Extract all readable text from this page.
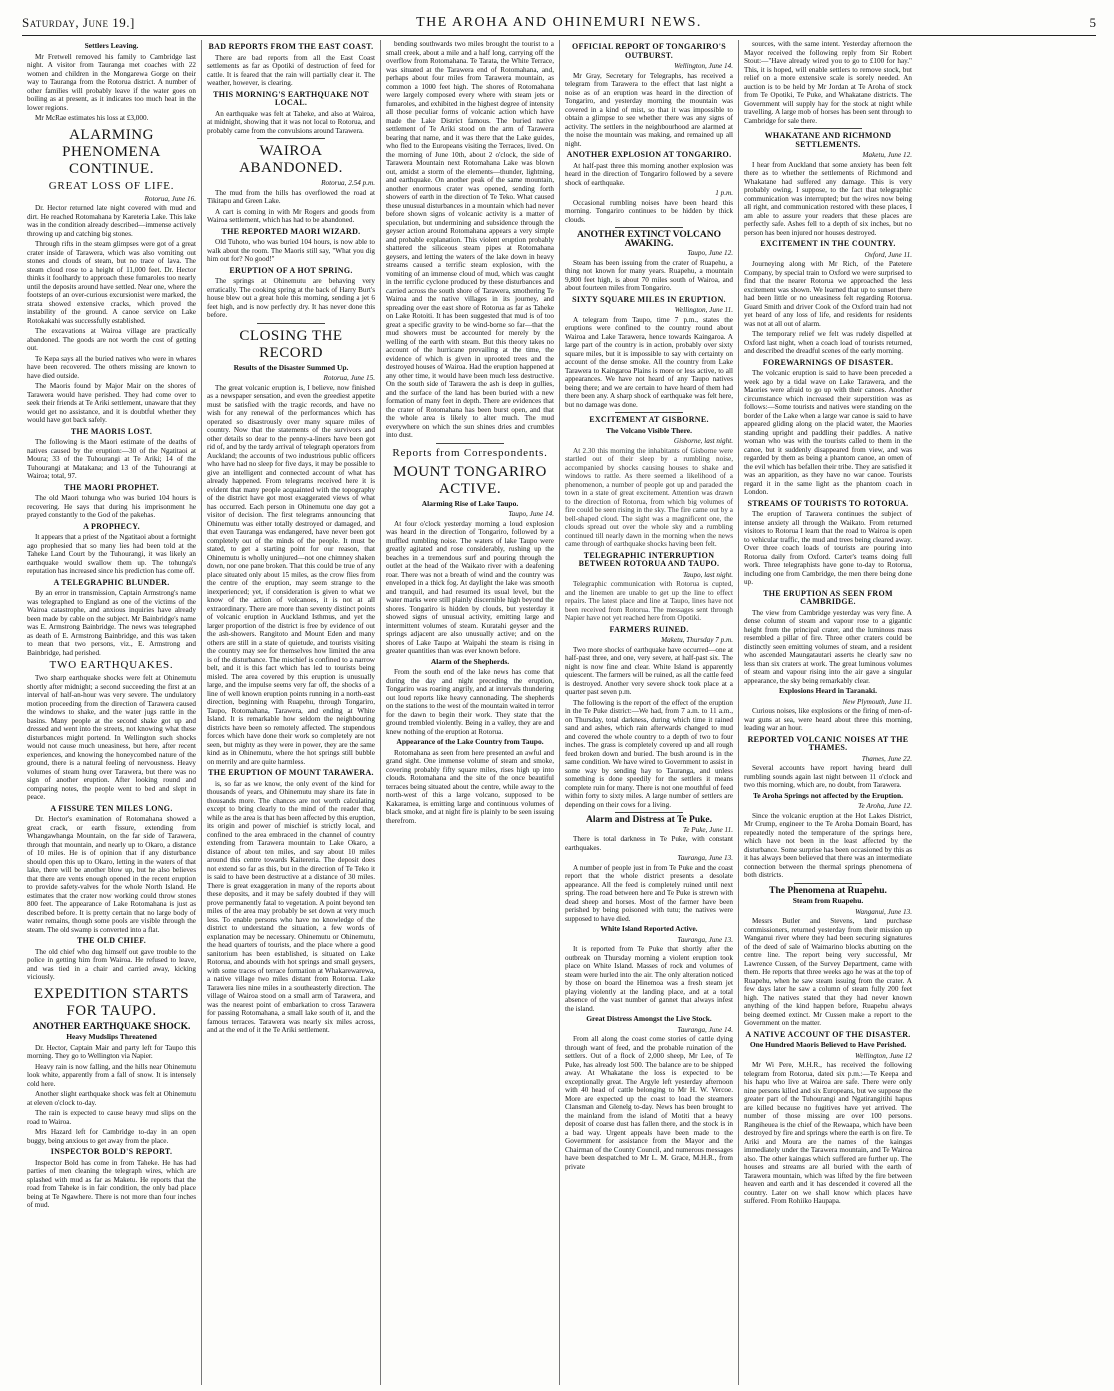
Saturday, June 19.]	THE AROHA AND OHINEMURI NEWS.	5
Settlers Leaving.

Mr Fretwell removed his family to Cambridge last night. A visitor from Tauranga met coaches with 22 women and children in the Mongarewa Gorge on their way to Tauranga from the Rotorua district. A number of other families will probably leave if the water goes on boiling as at present, as it indicates too much heat in the lower regions.

Mr McRae estimates his loss at £3,000.

ALARMING PHENOMENA CONTINUE.
GREAT LOSS OF LIFE.
Rotorua, June 16.

Dr. Hector returned late night covered with mud and dirt. He reached Rotomahana by Kareteria Lake. This lake was in the condition already described—immense actively throwing up and catching big stones.

Through rifts in the steam glimpses were got of a great crater inside of Tarawera, which was also vomiting out stones and clouds of steam, but no trace of lava. The steam cloud rose to a height of 11,000 feet. Dr. Hector thinks it foolhardy to approach these fumaroles too nearly until the deposits around have settled. Near one, where the footsteps of an over-curious excursionist were marked, the strata showed extensive cracks, which proved the instability of the ground. A canoe service on Lake Rotokakahi was successfully established.

The excavations at Wairoa village are practically abandoned. The goods are not worth the cost of getting out.

Te Kepa says all the buried natives who were in whares have been recovered. The others missing are known to have died outside.

The Maoris found by Major Mair on the shores of Tarawera would have perished. They had come over to seek their friends at Te Ariki settlement, unaware that they would get no assistance, and it is doubtful whether they would have got back safely.

THE MAORIS LOST.

The following is the Maori estimate of the deaths of natives caused by the eruption:—30 of the Ngatitaoi at Moura; 33 of the Tuhourangi at Te Ariki; 14 of the Tuhourangi at Matakana; and 13 of the Tuhourangi at Wairoa; total, 97.

THE MAORI PROPHET.

The old Maori tohunga who was buried 104 hours is recovering. He says that during his imprisonment he prayed constantly to the God of the pakehas.

A PROPHECY.

It appears that a priest of the Ngatitaoi about a fortnight ago prophesied that so many lies had been told at the Taheke Land Court by the Tuhourangi, it was likely an earthquake would swallow them up. The tohunga's reputation has increased since his prediction has come off.

A TELEGRAPHIC BLUNDER.

By an error in transmission, Captain Armstrong's name was telegraphed to England as one of the victims of the Wairoa catastrophe, and anxious inquiries have already been made by cable on the subject. Mr Bainbridge's name was E. Armstrong Bainbridge. The news was telegraphed as death of E. Armstrong Bainbridge, and this was taken to mean that two persons, viz., E. Armstrong and Bainbridge, had perished.

TWO EARTHQUAKES.

Two sharp earthquake shocks were felt at Ohinemutu shortly after midnight; a second succeeding the first at an interval of half-an-hour was very severe. The undulatory motion proceeding from the direction of Tarawera caused the windows to shake, and the water jugs rattle in the basins. Many people at the second shake got up and dressed and went into the streets, not knowing what these disturbances might portend. In Wellington such shocks would not cause much uneasiness, but here, after recent experiences, and knowing the honeycombed nature of the ground, there is a natural feeling of nervousness. Heavy volumes of steam hung over Tarawera, but there was no sign of another eruption. After looking round and comparing notes, the people went to bed and slept in peace.

A FISSURE TEN MILES LONG.

Dr. Hector's examination of Rotomahana showed a great crack, or earth fissure, extending from Whangawhanga Mountain, on the far side of Tarawera, through that mountain, and nearly up to Okaro, a distance of 10 miles. He is of opinion that if any disturbance should open this up to Okaro, letting in the waters of that lake, there will be another blow up, but he also believes that there are vents enough opened in the recent eruption to provide safety-valves for the whole North Island. He estimates that the crater now working could throw stones 800 feet. The appearance of Lake Rotomahana is just as described before. It is pretty certain that no large body of water remains, though some pools are visible through the steam. The old swamp is converted into a flat.

THE OLD CHIEF.

The old chief who dug himself out gave trouble to the police in getting him from Wairoa. He refused to leave, and was tied in a chair and carried away, kicking viciously.

EXPEDITION STARTS FOR TAUPO.
ANOTHER EARTHQUAKE SHOCK.
Heavy Mudslips Threatened

Dr. Hector, Captain Mair and party left for Taupo this morning. They go to Wellington via Napier.

Heavy rain is now falling, and the hills near Ohinemutu look white, apparently from a fall of snow. It is intensely cold here.

Another slight earthquake shock was felt at Ohinemutu at eleven o'clock to-day.

The rain is expected to cause heavy mud slips on the road to Wairoa.

Mrs Hazard left for Cambridge to-day in an open buggy, being anxious to get away from the place.

INSPECTOR BOLD'S REPORT.

Inspector Bold has come in from Taheke. He has had parties of men cleaning the telegraph wires, which are splashed with mud as far as Maketu. He reports that the road from Taheke is in fair condition, the only bad place being at Te Ngawhere. There is not more than four inches of mud.

BAD REPORTS FROM THE EAST COAST.

There are bad reports from all the East Coast settlements as far as Opotiki of destruction of feed for cattle. It is feared that the rain will partially clear it. The weather, however, is clearing.

THIS MORNING'S EARTHQUAKE NOT LOCAL.

An earthquake was felt at Taheke, and also at Wairoa, at midnight, showing that it was not local to Rotorua, and probably came from the convulsions around Tarawera.

WAIROA ABANDONED.
Rotorua, 2.54 p.m.

The mud from the hills has overflowed the road at Tikitapu and Green Lake.

A cart is coming in with Mr Rogers and goods from Wairoa settlement, which has had to be abandoned.

THE REPORTED MAORI WIZARD.

Old Tuhoto, who was buried 104 hours, is now able to walk about the room. The Maoris still say, "What you dig him out for? No good!"

ERUPTION OF A HOT SPRING.

The springs at Ohinemutu are behaving very erratically. The cooking spring at the back of Harry Burt's house blew out a great hole this morning, sending a jet 6 feet high, and is now perfectly dry. It has never done this before.

CLOSING THE RECORD
Results of the Disaster Summed Up.
Rotorua, June 15.

The great volcanic eruption is, I believe, now finished as a newspaper sensation, and even the greediest appetite must be satisfied with the tragic records, and have no wish for any renewal of the performances which has operated so disastrously over many square miles of country. Now that the statements of the survivors and other details so dear to the penny-a-liners have been got rid of, and by the tardy arrival of telegraph operators from Auckland; the accounts of two industrious public officers who have had no sleep for five days, it may be possible to give an intelligent and connected account of what has already happened. From telegrams received here it is evident that many people acquainted with the topography of the district have got most exaggerated views of what has occurred. Each person in Ohinemutu one day got a visitor of decision. The first telegrams announcing that Ohinemutu was either totally destroyed or damaged, and that even Tauranga was endangered, have never been got completely out of the minds of the people. It must be stated, to get a starting point for our reason, that Ohinemutu is wholly uninjured—not one chimney shaken down, nor one pane broken. That this could be true of any place situated only about 15 miles, as the crow flies from the centre of the eruption, may seem strange to the inexperienced; yet, if consideration is given to what we know of the action of volcanoes, it is not at all extraordinary. There are more than seventy distinct points of volcanic eruption in Auckland Isthmus, and yet the larger proportion of the district is free by evidence of out the ash-showers. Rangitoto and Mount Eden and many others are still in a state of quietude, and tourists visiting the country may see for themselves how limited the area is of the disturbance. The mischief is confined to a narrow belt, and it is this fact which has led to tourists being misled. The area covered by this eruption is unusually large, and the impulse seems very far off, the shocks of a line of well known eruption points running in a north-east direction, beginning with Ruapehu, through Tongariro, Taupo, Rotomahana, Tarawera, and ending at White Island. It is remarkable how seldom the neighbouring districts have been so remotely affected. The stupendous forces which have done their work so completely are not seen, but mighty as they were in power, they are the same kind as in Ohinemutu, where the hot springs still bubble on merrily and are quite harmless.

THE ERUPTION OF MOUNT TARAWERA.

is, so far as we know, the only event of the kind for thousands of years, and Ohinemutu may share its fate in thousands more. The chances are not worth calculating except to bring clearly to the mind of the reader that, while as the area is that has been affected by this eruption, its origin and power of mischief is strictly local, and confined to the area embraced in the channel of country extending from Tarawera mountain to Lake Okaro, a distance of about ten miles, and say about 10 miles around this centre towards Kaitereria. The deposit does not extend so far as this, but in the direction of Te Teko it is said to have been destructive at a distance of 30 miles. There is great exaggeration in many of the reports about these deposits, and it may be safely doubted if they will prove permanently fatal to vegetation. A point beyond ten miles of the area may probably be set down at very much less. To enable persons who have no knowledge of the district to understand the situation, a few words of explanation may be necessary. Ohinemutu or Ohinemutu, the head quarters of tourists, and the place where a good sanitorium has been established, is situated on Lake Rotorua, and abounds with hot springs and small geysers, with some traces of terrace formation at Whakarewarewa, a native village two miles distant from Rotorua. Lake Tarawera lies nine miles in a southeasterly direction. The village of Wairoa stood on a small arm of Tarawera, and was the nearest point of embarkation to cross Tarawera for passing Rotomahana, a small lake south of it, and the famous terraces. Tarawera was nearly six miles across, and at the end of it the Te Ariki settlement.

bending southwards two miles brought the tourist to a small creek, about a mile and a half long, carrying off the overflow from Rotomahana. Te Tarata, the White Terrace, was situated at the Tarawera end of Rotomahana, and, perhaps about four miles from Tarawera mountain, as common a 1000 feet high. The shores of Rotomahana were largely composed every where with steam jets or fumaroles, and exhibited in the highest degree of intensity all those peculiar forms of volcanic action which have made the Lake District famous. The buried native settlement of Te Ariki stood on the arm of Tarawera bearing that name, and it was there that the Lake guides, who fled to the Europeans visiting the Terraces, lived. On the morning of June 10th, about 2 o'clock, the side of Tarawera Mountain next Rotomahana Lake was blown out, amidst a storm of the elements—thunder, lightning, and earthquake. On another peak of the same mountain, another enormous crater was opened, sending forth showers of earth in the direction of Te Teko. What caused these unusual disturbances in a mountain which had never before shown signs of volcanic activity is a matter of speculation, but undermining and subsidence through the geyser action around Rotomahana appears a very simple and probable explanation. This violent eruption probably shattered the siliceous steam pipes at Rotomahana geysers, and letting the waters of the lake down in heavy streams caused a terrific steam explosion, with the vomiting of an immense cloud of mud, which was caught in the terrific cyclone produced by these disturbances and carried across the south shore of Tarawera, smothering Te Wairoa and the native villages in its journey, and spreading over the east shore of Rotorua as far as Taheke on Lake Rotoiti. It has been suggested that mud is of too great a specific gravity to be wind-borne so far—that the mud showers must be accounted for merely by the welling of the earth with steam. But this theory takes no account of the hurricane prevailing at the time, the evidence of which is given in uprooted trees and the destroyed houses of Wairoa. Had the eruption happened at any other time, it would have been much less destructive. On the south side of Tarawera the ash is deep in gullies, and the surface of the land has been buried with a new formation of many feet in depth. There are evidences that the crater of Rotomahana has been burst open, and that the whole area is likely to alter much. The mud everywhere on which the sun shines dries and crumbles into dust.

Reports from Correspondents.
MOUNT TONGARIRO ACTIVE.
Alarming Rise of Lake Taupo.
Taupo, June 14.

At four o'clock yesterday morning a loud explosion was heard in the direction of Tongariro, followed by a muffled rumbling noise. The waters of lake Taupo were greatly agitated and rose considerably, rushing up the beaches in a tremendous surf and pouring through the outlet at the head of the Waikato river with a deafening roar. There was not a breath of wind and the country was enveloped in a thick fog. At daylight the lake was smooth and tranquil, and had resumed its usual level, but the water marks were still plainly discernible high beyond the shores. Tongariro is hidden by clouds, but yesterday it showed signs of unusual activity, emitting large and intermittent volumes of steam. Kuratahi geyser and the springs adjacent are also unusually active; and on the shores of Lake Taupo at Waipahi the steam is rising in greater quantities than was ever known before.

Alarm of the Shepherds.

From the south end of the lake news has come that during the day and night preceding the eruption, Tongariro was roaring angrily, and at intervals thundering out loud reports like heavy cannonading. The shepherds on the stations to the west of the mountain waited in terror for the dawn to begin their work. They state that the ground trembled violently. Being in a valley, they are and knew nothing of the eruption at Rotorua.

Appearance of the Lake Country from Taupo.

Rotomahana as seen from here presented an awful and grand sight. One immense volume of steam and smoke, covering probably fifty square miles, rises high up into clouds. Rotomahana and the site of the once beautiful terraces being situated about the centre, while away to the north-west of this a large volcano, supposed to be Kakaramea, is emitting large and continuous volumes of black smoke, and at night fire is plainly to be seen issuing therefrom.

OFFICIAL REPORT OF TONGARIRO'S OUTBURST.
Wellington, June 14.

Mr Gray, Secretary for Telegraphs, has received a telegram from Tarawera to the effect that last night a noise as of an eruption was heard in the direction of Tongariro, and yesterday morning the mountain was covered in a kind of mist, so that it was impossible to obtain a glimpse to see whether there was any signs of activity. The settlers in the neighbourhood are alarmed at the noise the mountain was making, and remained up all night.

ANOTHER EXPLOSION AT TONGARIRO.

At half-past three this morning another explosion was heard in the direction of Tongariro followed by a severe shock of earthquake.

1 p.m.

Occasional rumbling noises have been heard this morning. Tongariro continues to be hidden by thick clouds.

ANOTHER EXTINCT VOLCANO AWAKING.
Taupo, June 12.

Steam has been issuing from the crater of Ruapehu, a thing not known for many years. Ruapehu, a mountain 9,800 feet high, is about 70 miles south of Wairoa, and about fourteen miles from Tongariro.

SIXTY SQUARE MILES IN ERUPTION.
Wellington, June 11.

A telegram from Taupo, time 7 p.m., states the eruptions were confined to the country round about Wairoa and Lake Tarawera, hence towards Kaingaroa. A large part of the country is in action, probably over sixty square miles, but it is impossible to say with certainty on account of the dense smoke. All the country from Lake Tarawera to Kaingaroa Plains is more or less active, to all appearances. We have not heard of any Taupo natives being there; and we are certain to have heard of them had there been any. A sharp shock of earthquake was felt here, but no damage was done.

EXCITEMENT AT GISBORNE.
The Volcano Visible There.
Gisborne, last night.

At 2.30 this morning the inhabitants of Gisborne were startled out of their sleep by a rumbling noise, accompanied by shocks causing houses to shake and windows to rattle. As there seemed a likelihood of a phenomenon, a number of people got up and paraded the town in a state of great excitement. Attention was drawn to the direction of Rotorua, from which big volumes of fire could be seen rising in the sky. The fire came out by a bell-shaped cloud. The sight was a magnificent one, the clouds spread out over the whole sky and a rumbling continued till nearly dawn in the morning when the news came through of earthquake shocks having been felt.

TELEGRAPHIC INTERRUPTION BETWEEN ROTORUA AND TAUPO.
Taupo, last night.

Telegraphic communication with Rotorua is cupted, and the linemen are unable to get up the line to effect repairs. The latest place and line at Taupo, lines have not been received from Rotorua. The messages sent through Napier have not yet reached here from Opotiki.

FARMERS RUINED.
Maketu, Thursday 7 p.m.

Two more shocks of earthquake have occurred—one at half-past three, and one, very severe, at half-past six. The night is now fine and clear. White Island is apparently quiescent. The farmers will be ruined, as all the cattle feed is destroyed. Another very severe shock took place at a quarter past seven p.m.

The following is the report of the effect of the eruption in the Te Puke district:—We had, from 7 a.m. to 11 a.m., on Thursday, total darkness, during which time it rained sand and ashes, which rain afterwards changed to mud and covered the whole country to a depth of two to four inches. The grass is completely covered up and all rough feed broken down and buried. The bush around is in the same condition. We have wired to Government to assist in some way by sending hay to Tauranga, and unless something is done speedily for the settlers it means complete ruin for many. There is not one mouthful of feed within forty to sixty miles. A large number of settlers are depending on their cows for a living.

Alarm and Distress at Te Puke.
Te Puke, June 11.

There is total darkness in Te Puke, with constant earthquakes.

Tauranga, June 13.

A number of people just in from Te Puke and the coast report that the whole district presents a desolate appearance. All the feed is completely ruined until next spring. The road between here and Te Puke is strewn with dead sheep and horses. Most of the farmer have been perished by being poisoned with tutu; the natives were supposed to have died.

White Island Reported Active.
Tauranga, June 13.

It is reported from Te Puke that shortly after the outbreak on Thursday morning a violent eruption took place on White Island. Masses of rock and volumes of steam were hurled into the air. The only alteration noticed by those on board the Hinemoa was a fresh steam jet playing violently at the landing place, and at a total absence of the vast number of gannet that always infest the island.

Great Distress Amongst the Live Stock.
Tauranga, June 14.

From all along the coast come stories of cattle dying through want of feed, and the probable ruination of the settlers. Out of a flock of 2,000 sheep, Mr Lee, of Te Puke, has already lost 500. The balance are to be shipped away. At Whakatane the loss is expected to be exceptionally great. The Argyle left yesterday afternoon with 40 head of cattle belonging to Mr H. W. Vercoe. More are expected up the coast to load the steamers Clansman and Glenelg to-day. News has been brought to the mainland from the island of Motiti that a heavy deposit of coarse dust has fallen there, and the stock is in a bad way. Urgent appeals have been made to the Government for assistance from the Mayor and the Chairman of the County Council, and numerous messages have been despatched to Mr L. M. Grace, M.H.R., from private

sources, with the same intent. Yesterday afternoon the Mayor received the following reply from Sir Robert Stout:—"Have already wired you to go to £100 for hay." This, it is hoped, will enable settlers to remove stock, but relief on a more extensive scale is sorely needed. An auction is to be held by Mr Jordan at Te Aroha of stock from Te Opotiki, Te Puke, and Whakatane districts. The Government will supply hay for the stock at night while travelling. A large mob of horses has been sent through to Cambridge for sale there.

WHAKATANE AND RICHMOND SETTLEMENTS.
Maketu, June 12.

I hear from Auckland that some anxiety has been felt there as to whether the settlements of Richmond and Whakatane had suffered any damage. This is very probably owing, I suppose, to the fact that telegraphic communication was interrupted; but the wires now being all right, and communication restored with these places, I am able to assure your readers that these places are perfectly safe. Ashes fell to a depth of six inches, but no person has been injured nor houses destroyed.

EXCITEMENT IN THE COUNTRY.
Oxford, June 11.

Journeying along with Mr Rich, of the Patetere Company, by special train to Oxford we were surprised to find that the nearer Rotorua we approached the less excitement was shown. We learned that up to sunset there had been little or no uneasiness felt regarding Rotorua. Guard Smith and driver Cook of the Oxford train had not yet heard of any loss of life, and residents for residents was not at all out of alarm.

The temporary relief we felt was rudely dispelled at Oxford last night, when a coach load of tourists returned, and described the dreadful scenes of the early morning.

FOREWARNINGS OF DISASTER.

The volcanic eruption is said to have been preceded a week ago by a tidal wave on Lake Tarawera, and the Maories were afraid to go up with their canoes. Another circumstance which increased their superstition was as follows:—Some tourists and natives were standing on the border of the Lake when a large war canoe is said to have appeared gliding along on the placid water, the Maories standing upright and paddling their paddles. A native woman who was with the tourists called to them in the canoe, but it suddenly disappeared from view, and was regarded by them as being a phantom canoe, an omen of the evil which has befallen their tribe. They are satisfied it was an apparition, as they have no war canoe. Tourists regard it in the same light as the phantom coach in London.

STREAMS OF TOURISTS TO ROTORUA.

The eruption of Tarawera continues the subject of intense anxiety all through the Waikato. From returned visitors to Rotorua I learn that the road to Wairoa is open to vehicular traffic, the mud and trees being cleared away. Over three coach loads of tourists are pouring into Rotorua daily from Oxford. Carter's teams doing full work. Three telegraphists have gone to-day to Rotorua, including one from Cambridge, the men there being done up.

THE ERUPTION AS SEEN FROM CAMBRIDGE.

The view from Cambridge yesterday was very fine. A dense column of steam and vapour rose to a gigantic height from the principal crater, and the luminous mass resembled a pillar of fire. Three other craters could be distinctly seen emitting volumes of steam, and a resident who ascended Maungatautari asserts he clearly saw no less than six craters at work. The great luminous volumes of steam and vapour rising into the air gave a singular appearance, the sky being remarkably clear.

Explosions Heard in Taranaki.
New Plymouth, June 11.

Curious noises, like explosions or the firing of men-of-war guns at sea, were heard about three this morning, leading war an hour.

REPORTED VOLCANIC NOISES AT THE THAMES.
Thames, June 22.

Several accounts have report having heard dull rumbling sounds again last night between 11 o'clock and two this morning, which are, no doubt, from Tarawera.

Te Aroha Springs not affected by the Eruption.
Te Aroha, June 12.

Since the volcanic eruption at the Hot Lakes District, Mr Crump, engineer to the Te Aroha Domain Board, has repeatedly noted the temperature of the springs here, which have not been in the least affected by the disturbance. Some surprise has been occasioned by this as it has always been believed that there was an intermediate connection between the thermal springs phenomena of both districts.

The Phenomena at Ruapehu.
Steam from Ruapehu.
Wanganui, June 13.

Messrs Butler and Stevens, land purchase commissioners, returned yesterday from their mission up Wanganui river where they had been securing signatures of the deed of sale of Waimarino blocks abutting on the centre line. The report being very successful, Mr Lawrence Cussen, of the Survey Department, came with them. He reports that three weeks ago he was at the top of Ruapehu, when he saw steam issuing from the crater. A few days later he saw a column of steam fully 200 feet high. The natives stated that they had never known anything of the kind happen before, Ruapehu always being deemed extinct. Mr Cussen make a report to the Government on the matter.

A NATIVE ACCOUNT OF THE DISASTER.
One Hundred Maoris Believed to Have Perished.
Wellington, June 12

Mr Wi Pere, M.H.R., has received the following telegram from Rotorua, dated six p.m.:—Te Keepa and his hapu who live at Wairoa are safe. There were only nine persons killed and six Europeans, but we suppose the greater part of the Tuhourangi and Ngatirangitihi hapus are killed because no fugitives have yet arrived. The number of those missing are over 100 persons. Rangiheuea is the chief of the Rewaapa, which have been destroyed by fire and springs where the earth is on fire. Te Ariki and Moura are the names of the kaingas immediately under the Tarawera mountain, and Te Wairoa also. The other kaingas which suffered are further up. The houses and streams are all buried with the earth of Tarawera mountain, which was lifted by the fire between heaven and earth and it has descended it covered all the country. Later on we shall know which places have suffered. From Rohiiko Haupapa.
